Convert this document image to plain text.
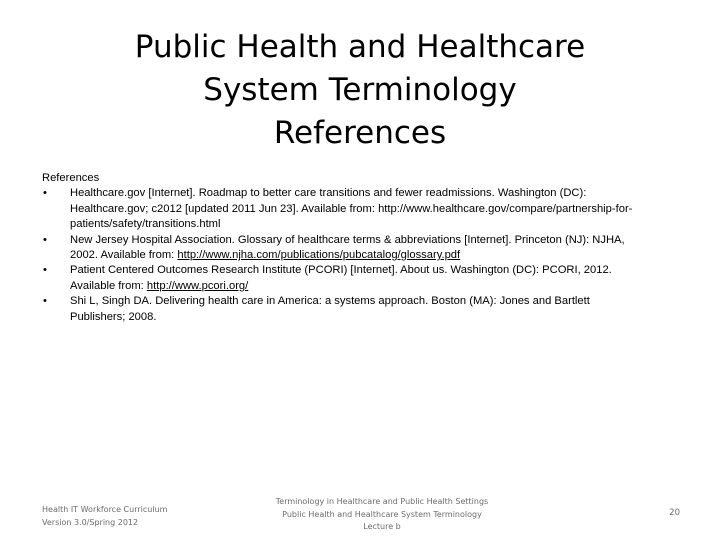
Public Health and Healthcare
System Terminology
References
References
• Healthcare.gov [Internet]. Roadmap to better care transitions and fewer readmissions. Washington (DC):
Healthcare.gov; c2012 [updated 2011 Jun 23]. Available from: http://www.healthcare.gov/compare/partnership-for-
patients/safety/transitions.html
• New Jersey Hospital Association. Glossary of healthcare terms & abbreviations [Internet]. Princeton (NJ): NJHA,
2002. Available from: http://www.njha.com/publications/pubcatalog/glossary.pdf
• Patient Centered Outcomes Research Institute (PCORI) [Internet]. About us. Washington (DC): PCORI, 2012.
Available from: http://www.pcori.org/
• Shi L, Singh DA. Delivering health care in America: a systems approach. Boston (MA): Jones and Bartlett
Publishers; 2008.
Health IT Workforce Curriculum
Version 3.0/Spring 2012
Terminology in Healthcare and Public Health Settings
Public Health and Healthcare System Terminology
Lecture b
20
